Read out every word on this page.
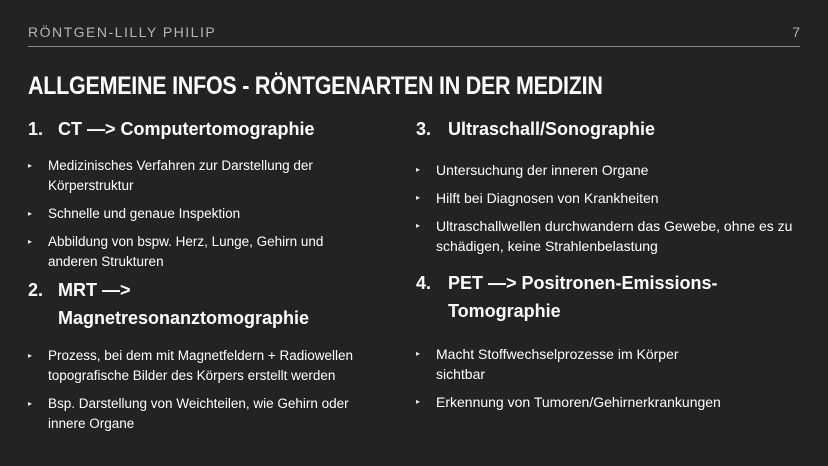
RÖNTGEN-LILLY PHILIP	7
ALLGEMEINE INFOS - RÖNTGENARTEN IN DER MEDIZIN
1. CT —> Computertomographie
▸ Medizinisches Verfahren zur Darstellung der Körperstruktur
▸ Schnelle und genaue Inspektion
▸ Abbildung von bspw. Herz, Lunge, Gehirn und anderen Strukturen
2. MRT —>
Magnetresonanztomographie
▸ Prozess, bei dem mit Magnetfeldern + Radiowellen topografische Bilder des Körpers erstellt werden
▸ Bsp. Darstellung von Weichteilen, wie Gehirn oder innere Organe
3. Ultraschall/Sonographie
▸ Untersuchung der inneren Organe
▸ Hilft bei Diagnosen von Krankheiten
▸ Ultraschallwellen durchwandern das Gewebe, ohne es zu schädigen, keine Strahlenbelastung
4. PET —> Positronen-Emissions-
Tomographie
▸ Macht Stoffwechselprozesse im Körper sichtbar
▸ Erkennung von Tumoren/Gehirnerkrankungen
